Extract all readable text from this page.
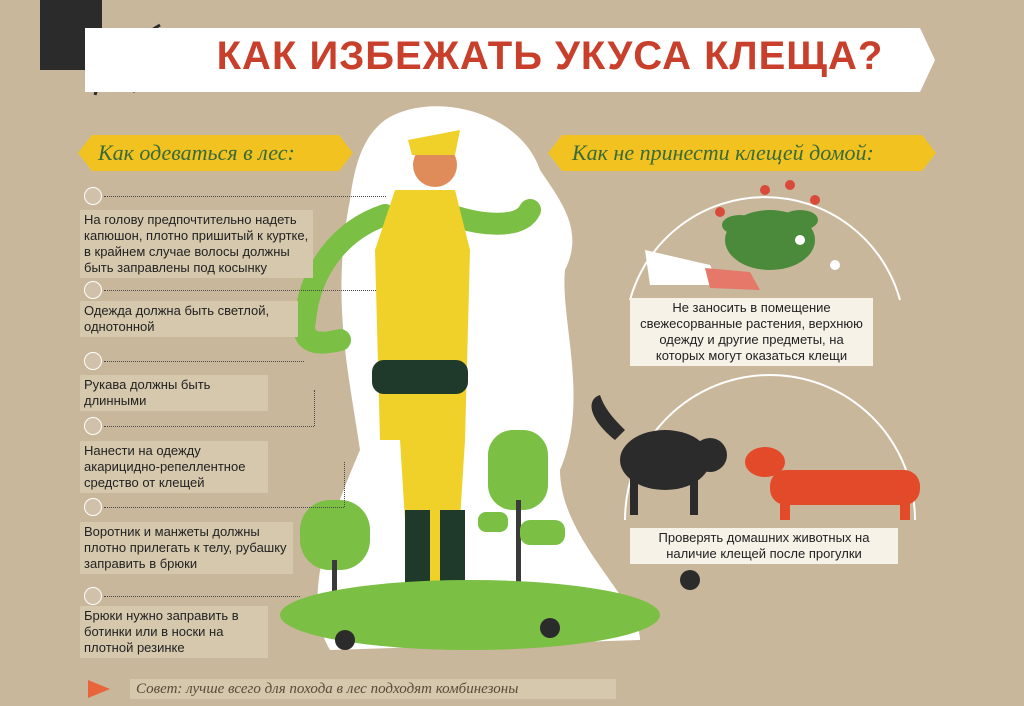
КАК ИЗБЕЖАТЬ УКУСА КЛЕЩА?
Как одеваться в лес:	Как не принести клещей домой:
На голову предпочтительно надеть капюшон, плотно пришитый к куртке, в крайнем случае волосы должны быть заправлены под косынку
Одежда должна быть светлой, однотонной
Рукава должны быть длинными
Нанести на одежду акарицидно-репеллентное средство от клещей
Воротник и манжеты должны плотно прилегать к телу, рубашку заправить в брюки
Брюки нужно заправить в ботинки или в носки на плотной резинке
Не заносить в помещение свежесорванные растения, верхнюю одежду и другие предметы, на которых могут оказаться клещи
Проверять домашних животных на наличие клещей после прогулки
Совет: лучше всего для похода в лес подходят комбинезоны
